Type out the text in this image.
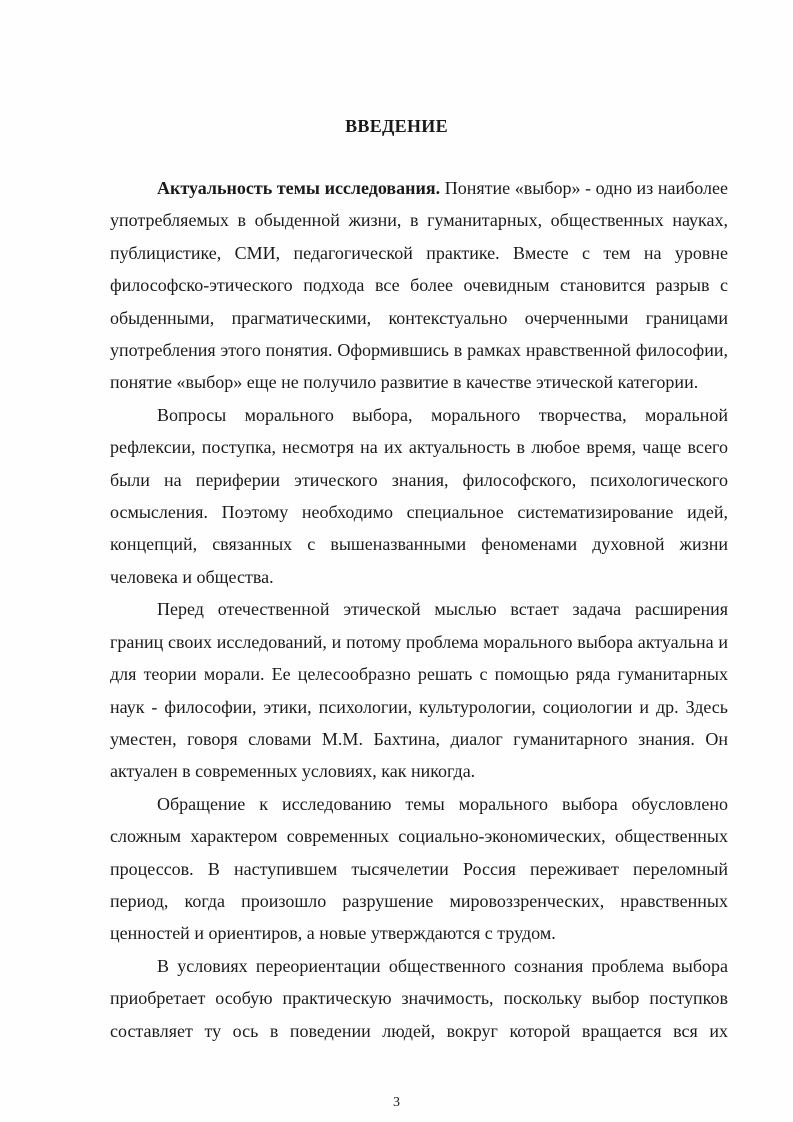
ВВЕДЕНИЕ

Актуальность темы исследования. Понятие «выбор» - одно из наиболее употребляемых в обыденной жизни, в гуманитарных, общественных науках, публицистике, СМИ, педагогической практике. Вместе с тем на уровне философско-этического подхода все более очевидным становится разрыв с обыденными, прагматическими, контекстуально очерченными границами употребления этого понятия. Оформившись в рамках нравственной философии, понятие «выбор» еще не получило развитие в качестве этической категории.

Вопросы морального выбора, морального творчества, моральной рефлексии, поступка, несмотря на их актуальность в любое время, чаще всего были на периферии этического знания, философского, психологического осмысления. Поэтому необходимо специальное систематизирование идей, концепций, связанных с вышеназванными феноменами духовной жизни человека и общества.

Перед отечественной этической мыслью встает задача расширения границ своих исследований, и потому проблема морального выбора актуальна и для теории морали. Ее целесообразно решать с помощью ряда гуманитарных наук - философии, этики, психологии, культурологии, социологии и др. Здесь уместен, говоря словами М.М. Бахтина, диалог гуманитарного знания. Он актуален в современных условиях, как никогда.

Обращение к исследованию темы морального выбора обусловлено сложным характером современных социально-экономических, общественных процессов. В наступившем тысячелетии Россия переживает переломный период, когда произошло разрушение мировоззренческих, нравственных ценностей и ориентиров, а новые утверждаются с трудом.

В условиях переориентации общественного сознания проблема выбора приобретает особую практическую значимость, поскольку выбор поступков составляет ту ось в поведении людей, вокруг которой вращается вся их

3
